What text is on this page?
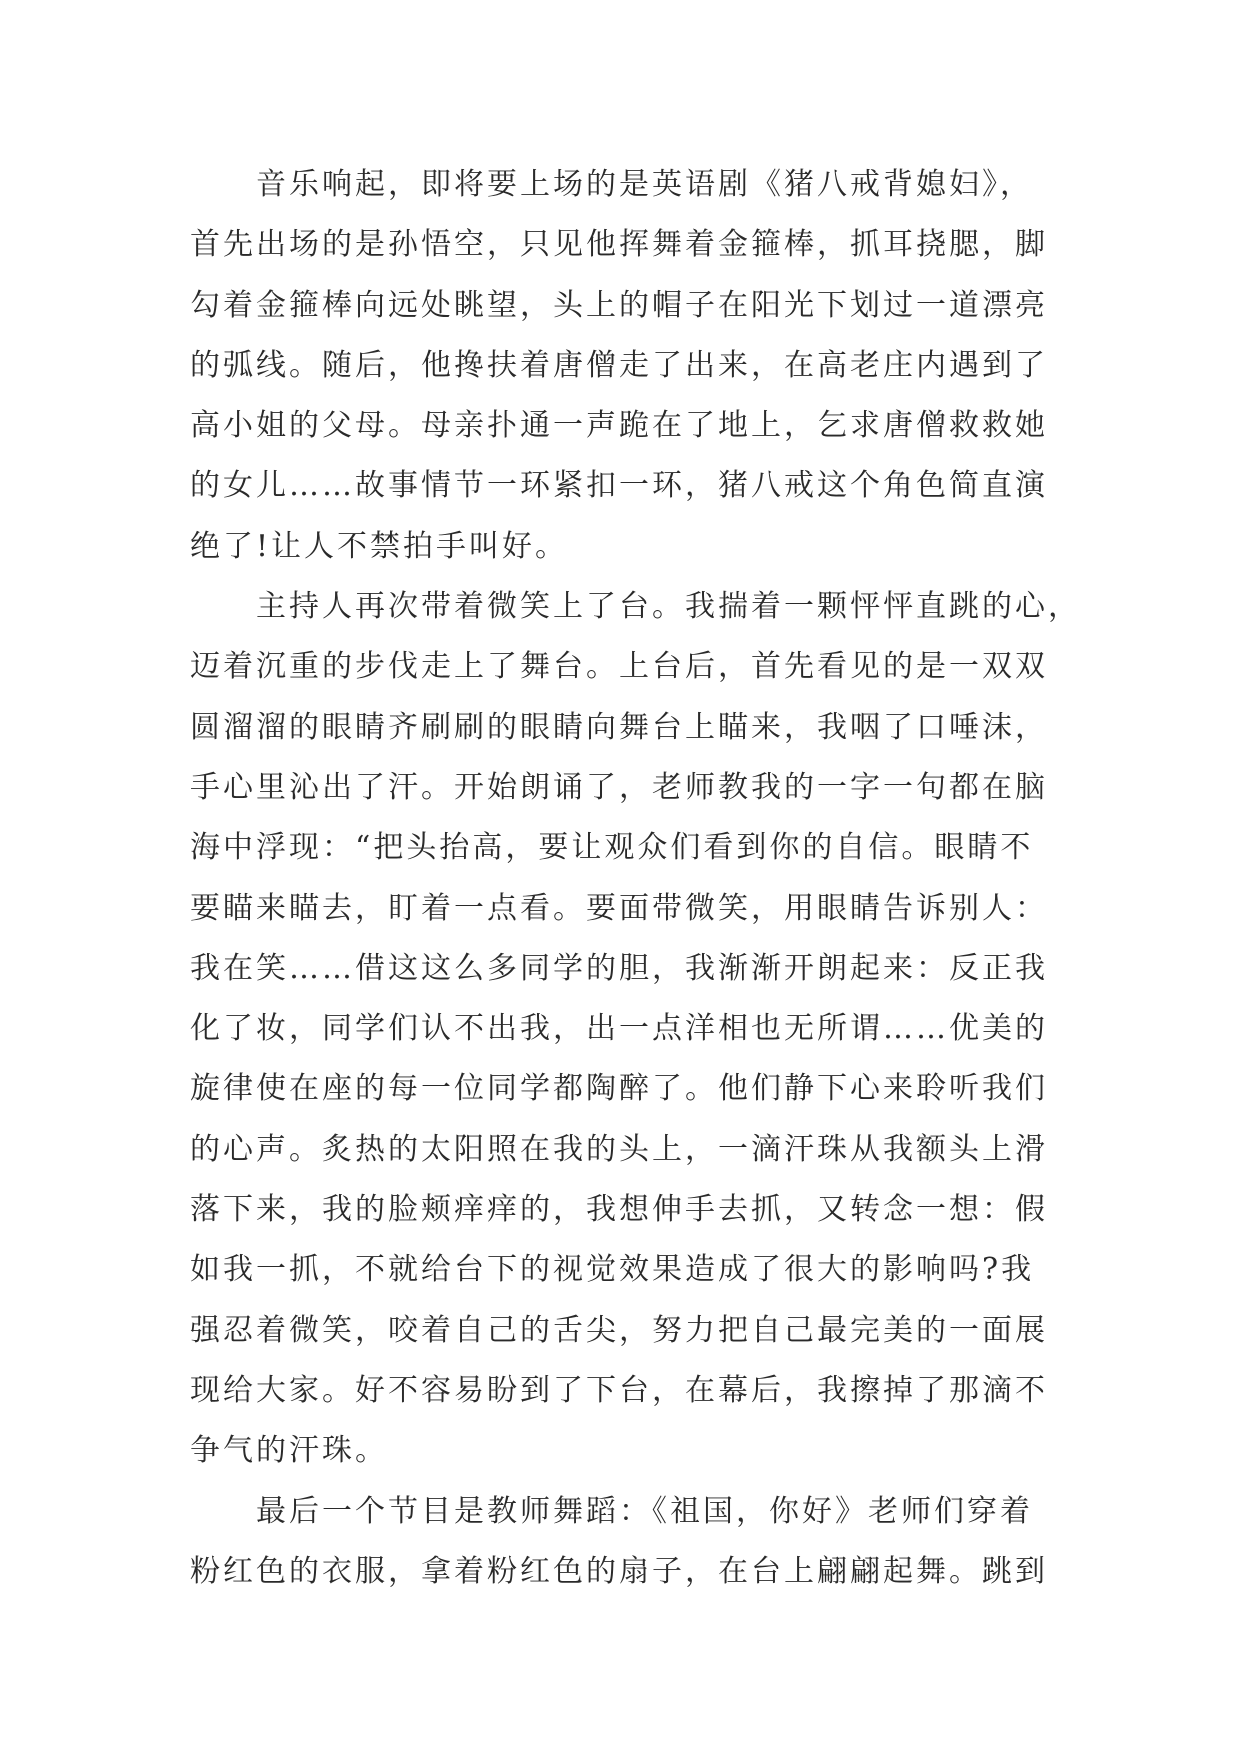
音乐响起，即将要上场的是英语剧《猪八戒背媳妇》，
首先出场的是孙悟空，只见他挥舞着金箍棒，抓耳挠腮，脚
勾着金箍棒向远处眺望，头上的帽子在阳光下划过一道漂亮
的弧线。随后，他搀扶着唐僧走了出来，在高老庄内遇到了
高小姐的父母。母亲扑通一声跪在了地上，乞求唐僧救救她
的女儿……故事情节一环紧扣一环，猪八戒这个角色简直演
绝了!让人不禁拍手叫好。
主持人再次带着微笑上了台。我揣着一颗怦怦直跳的心，
迈着沉重的步伐走上了舞台。上台后，首先看见的是一双双
圆溜溜的眼睛齐刷刷的眼睛向舞台上瞄来，我咽了口唾沫，
手心里沁出了汗。开始朗诵了，老师教我的一字一句都在脑
海中浮现：“把头抬高，要让观众们看到你的自信。眼睛不
要瞄来瞄去，盯着一点看。要面带微笑，用眼睛告诉别人：
我在笑……借这这么多同学的胆，我渐渐开朗起来：反正我
化了妆，同学们认不出我，出一点洋相也无所谓……优美的
旋律使在座的每一位同学都陶醉了。他们静下心来聆听我们
的心声。炙热的太阳照在我的头上，一滴汗珠从我额头上滑
落下来，我的脸颊痒痒的，我想伸手去抓，又转念一想：假
如我一抓，不就给台下的视觉效果造成了很大的影响吗?我
强忍着微笑，咬着自己的舌尖，努力把自己最完美的一面展
现给大家。好不容易盼到了下台，在幕后，我擦掉了那滴不
争气的汗珠。
最后一个节目是教师舞蹈：《祖国，你好》老师们穿着
粉红色的衣服，拿着粉红色的扇子，在台上翩翩起舞。跳到
